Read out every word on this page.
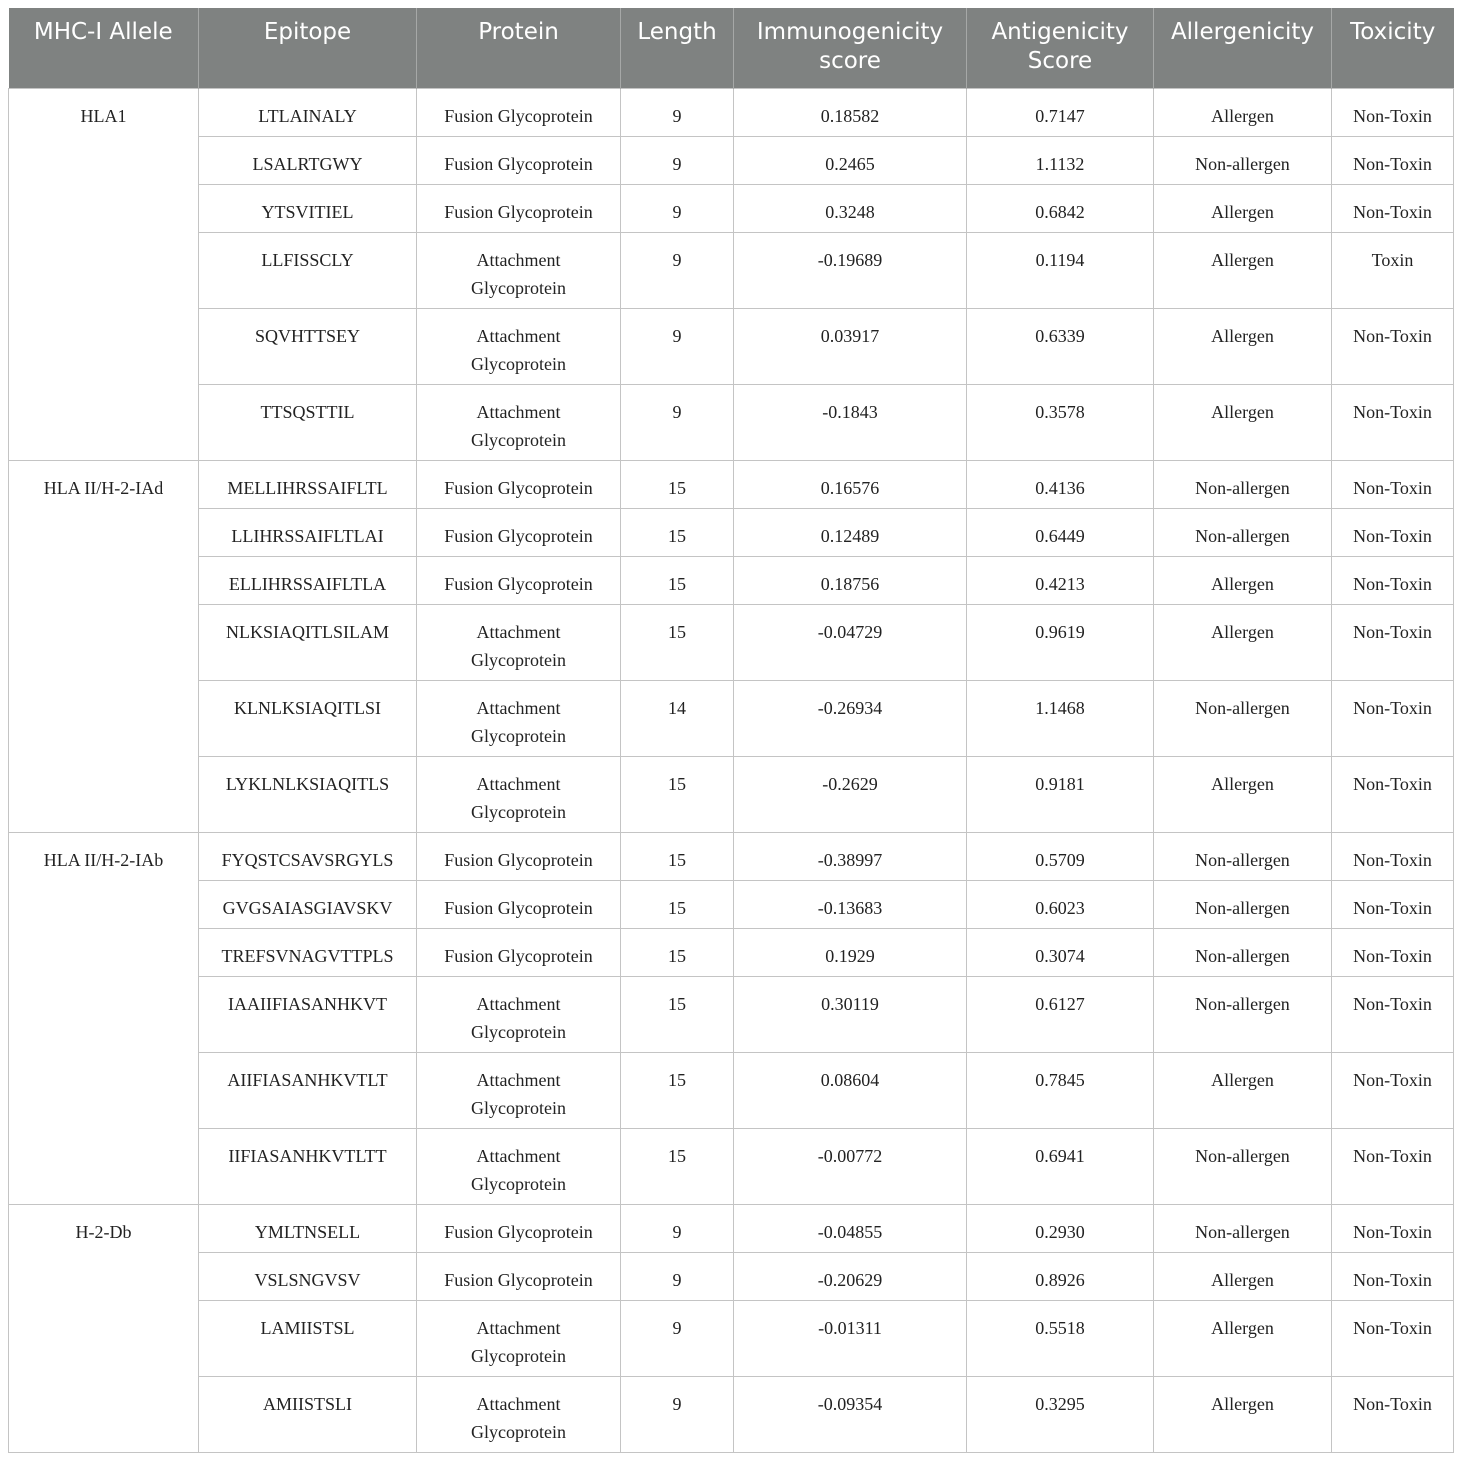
MHC-I Allele	Epitope	Protein	Length	Immunogenicity score	Antigenicity Score	Allergenicity	Toxicity
HLA1	LTLAINALY	Fusion Glycoprotein	9	0.18582	0.7147	Allergen	Non-Toxin
	LSALRTGWY	Fusion Glycoprotein	9	0.2465	1.1132	Non-allergen	Non-Toxin
	YTSVITIEL	Fusion Glycoprotein	9	0.3248	0.6842	Allergen	Non-Toxin
	LLFISSCLY	Attachment Glycoprotein	9	-0.19689	0.1194	Allergen	Toxin
	SQVHTTSEY	Attachment Glycoprotein	9	0.03917	0.6339	Allergen	Non-Toxin
	TTSQSTTIL	Attachment Glycoprotein	9	-0.1843	0.3578	Allergen	Non-Toxin
HLA II/H-2-IAd	MELLIHRSSAIFLTL	Fusion Glycoprotein	15	0.16576	0.4136	Non-allergen	Non-Toxin
	LLIHRSSAIFLTLAI	Fusion Glycoprotein	15	0.12489	0.6449	Non-allergen	Non-Toxin
	ELLIHRSSAIFLTLA	Fusion Glycoprotein	15	0.18756	0.4213	Allergen	Non-Toxin
	NLKSIAQITLSILAM	Attachment Glycoprotein	15	-0.04729	0.9619	Allergen	Non-Toxin
	KLNLKSIAQITLSI	Attachment Glycoprotein	14	-0.26934	1.1468	Non-allergen	Non-Toxin
	LYKLNLKSIAQITLS	Attachment Glycoprotein	15	-0.2629	0.9181	Allergen	Non-Toxin
HLA II/H-2-IAb	FYQSTCSAVSRGYLS	Fusion Glycoprotein	15	-0.38997	0.5709	Non-allergen	Non-Toxin
	GVGSAIASGIAVSKV	Fusion Glycoprotein	15	-0.13683	0.6023	Non-allergen	Non-Toxin
	TREFSVNAGVTTPLS	Fusion Glycoprotein	15	0.1929	0.3074	Non-allergen	Non-Toxin
	IAAIIFIASANHKVT	Attachment Glycoprotein	15	0.30119	0.6127	Non-allergen	Non-Toxin
	AIIFIASANHKVTLT	Attachment Glycoprotein	15	0.08604	0.7845	Allergen	Non-Toxin
	IIFIASANHKVTLTT	Attachment Glycoprotein	15	-0.00772	0.6941	Non-allergen	Non-Toxin
H-2-Db	YMLTNSELL	Fusion Glycoprotein	9	-0.04855	0.2930	Non-allergen	Non-Toxin
	VSLSNGVSV	Fusion Glycoprotein	9	-0.20629	0.8926	Allergen	Non-Toxin
	LAMIISTSL	Attachment Glycoprotein	9	-0.01311	0.5518	Allergen	Non-Toxin
	AMIISTSLI	Attachment Glycoprotein	9	-0.09354	0.3295	Allergen	Non-Toxin
